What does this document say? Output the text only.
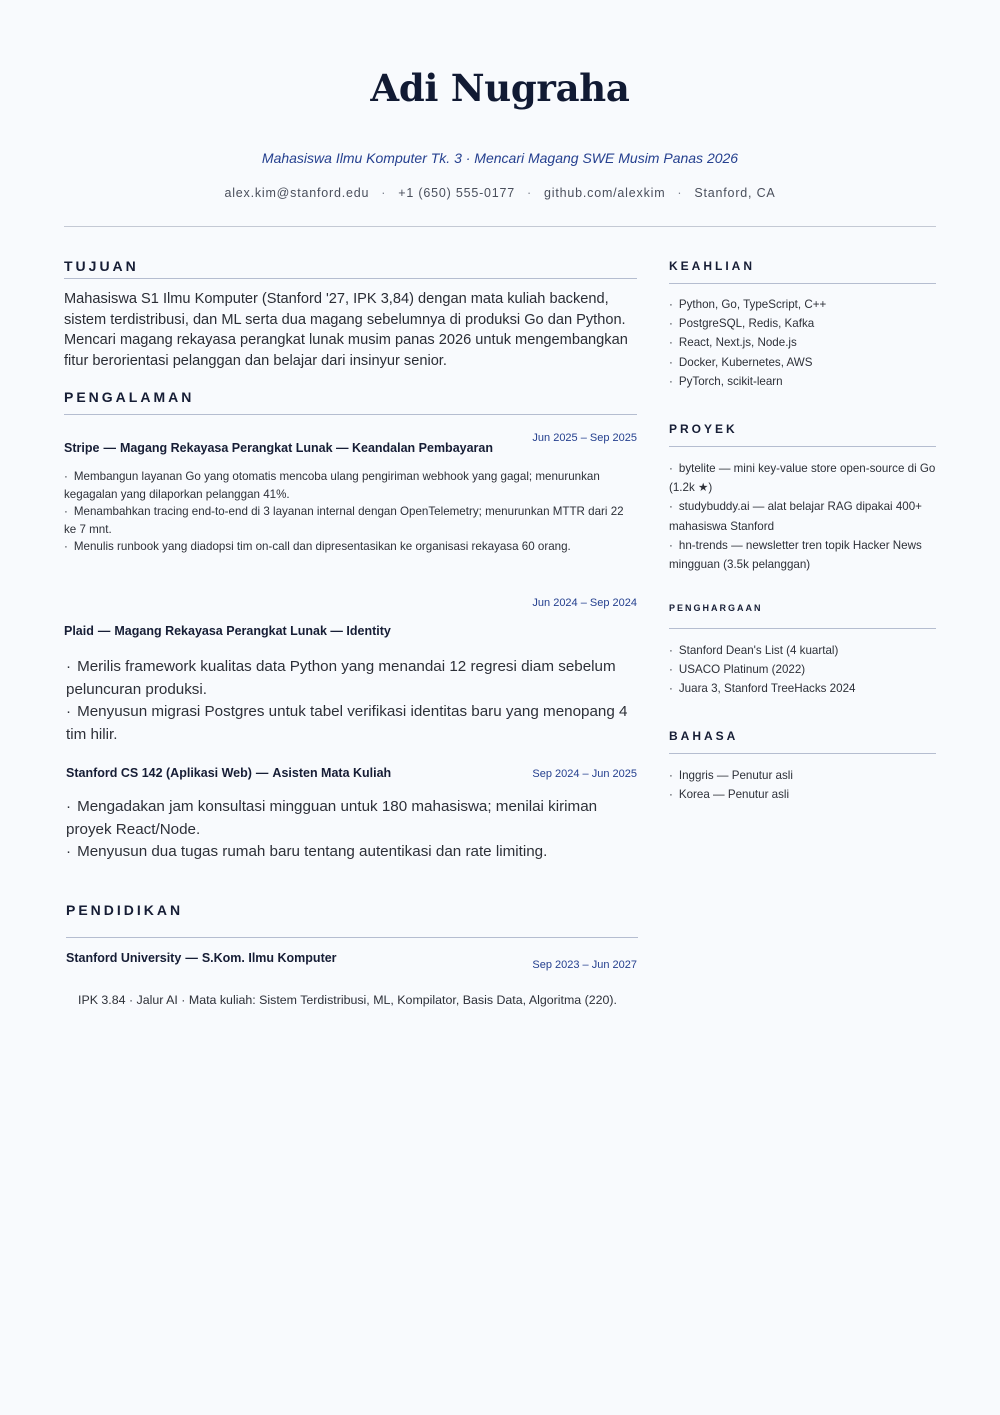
Adi Nugraha
Mahasiswa Ilmu Komputer Tk. 3 · Mencari Magang SWE Musim Panas 2026
alex.kim@stanford.edu · +1 (650) 555-0177 · github.com/alexkim · Stanford, CA
TUJUAN
Mahasiswa S1 Ilmu Komputer (Stanford '27, IPK 3,84) dengan mata kuliah backend, sistem terdistribusi, dan ML serta dua magang sebelumnya di produksi Go dan Python. Mencari magang rekayasa perangkat lunak musim panas 2026 untuk mengembangkan fitur berorientasi pelanggan dan belajar dari insinyur senior.
PENGALAMAN
Jun 2025 – Sep 2025
Stripe — Magang Rekayasa Perangkat Lunak — Keandalan Pembayaran
· Membangun layanan Go yang otomatis mencoba ulang pengiriman webhook yang gagal; menurunkan kegagalan yang dilaporkan pelanggan 41%.
· Menambahkan tracing end-to-end di 3 layanan internal dengan OpenTelemetry; menurunkan MTTR dari 22 ke 7 mnt.
· Menulis runbook yang diadopsi tim on-call dan dipresentasikan ke organisasi rekayasa 60 orang.
Jun 2024 – Sep 2024
Plaid — Magang Rekayasa Perangkat Lunak — Identity
· Merilis framework kualitas data Python yang menandai 12 regresi diam sebelum peluncuran produksi.
· Menyusun migrasi Postgres untuk tabel verifikasi identitas baru yang menopang 4 tim hilir.
Stanford CS 142 (Aplikasi Web) — Asisten Mata Kuliah	Sep 2024 – Jun 2025
· Mengadakan jam konsultasi mingguan untuk 180 mahasiswa; menilai kiriman proyek React/Node.
· Menyusun dua tugas rumah baru tentang autentikasi dan rate limiting.
PENDIDIKAN
Stanford University — S.Kom. Ilmu Komputer	Sep 2023 – Jun 2027
IPK 3.84 · Jalur AI · Mata kuliah: Sistem Terdistribusi, ML, Kompilator, Basis Data, Algoritma (220).
KEAHLIAN
· Python, Go, TypeScript, C++
· PostgreSQL, Redis, Kafka
· React, Next.js, Node.js
· Docker, Kubernetes, AWS
· PyTorch, scikit-learn
PROYEK
· bytelite — mini key-value store open-source di Go (1.2k ★)
· studybuddy.ai — alat belajar RAG dipakai 400+ mahasiswa Stanford
· hn-trends — newsletter tren topik Hacker News mingguan (3.5k pelanggan)
PENGHARGAAN
· Stanford Dean's List (4 kuartal)
· USACO Platinum (2022)
· Juara 3, Stanford TreeHacks 2024
BAHASA
· Inggris — Penutur asli
· Korea — Penutur asli
